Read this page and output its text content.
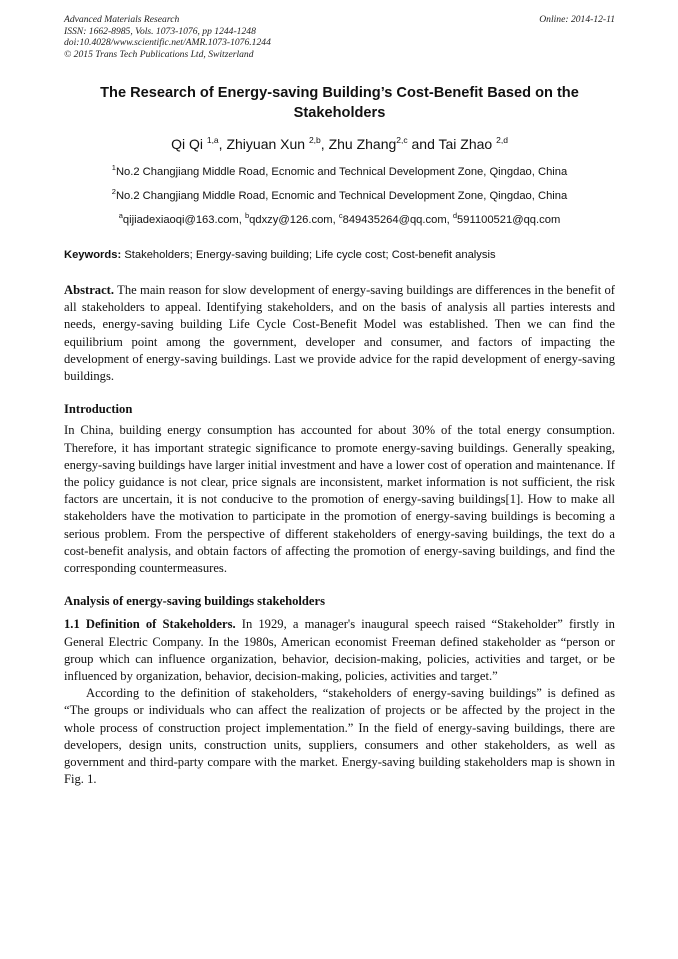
Advanced Materials Research
ISSN: 1662-8985, Vols. 1073-1076, pp 1244-1248
doi:10.4028/www.scientific.net/AMR.1073-1076.1244
© 2015 Trans Tech Publications Ltd, Switzerland
Online: 2014-12-11
The Research of Energy-saving Building’s Cost-Benefit Based on the Stakeholders
Qi Qi $^{1,a}$, Zhiyuan Xun $^{2,b}$, Zhu Zhang$^{2,c}$ and Tai Zhao $^{2,d}$
$^1$No.2 Changjiang Middle Road, Ecnomic and Technical Development Zone, Qingdao, China
$^2$No.2 Changjiang Middle Road, Ecnomic and Technical Development Zone, Qingdao, China
$^a$qijiadexiaoqi@163.com, $^b$qdxzy@126.com, $^c$849435264@qq.com, $^d$591100521@qq.com
Keywords: Stakeholders; Energy-saving building; Life cycle cost; Cost-benefit analysis

Abstract. The main reason for slow development of energy-saving buildings are differences in the benefit of all stakeholders to appeal. Identifying stakeholders, and on the basis of analysis all parties interests and needs, energy-saving building Life Cycle Cost-Benefit Model was established. Then we can find the equilibrium point among the government, developer and consumer, and factors of impacting the development of energy-saving buildings. Last we provide advice for the rapid development of energy-saving buildings.

Introduction

In China, building energy consumption has accounted for about 30% of the total energy consumption. Therefore, it has important strategic significance to promote energy-saving buildings. Generally speaking, energy-saving buildings have larger initial investment and have a lower cost of operation and maintenance. If the policy guidance is not clear, price signals are inconsistent, market information is not sufficient, the risk factors are uncertain, it is not conducive to the promotion of energy-saving buildings[1]. How to make all stakeholders have the motivation to participate in the promotion of energy-saving buildings is becoming a serious problem. From the perspective of different stakeholders of energy-saving buildings, the text do a cost-benefit analysis, and obtain factors of affecting the promotion of energy-saving buildings, and find the corresponding countermeasures.

Analysis of energy-saving buildings stakeholders

1.1 Definition of Stakeholders. In 1929, a manager's inaugural speech raised “Stakeholder” firstly in General Electric Company. In the 1980s, American economist Freeman defined stakeholder as “person or group which can influence organization, behavior, decision-making, policies, activities and target, or be influenced by organization, behavior, decision-making, policies, activities and target.”

According to the definition of stakeholders, “stakeholders of energy-saving buildings” is defined as “The groups or individuals who can affect the realization of projects or be affected by the project in the whole process of construction project implementation.” In the field of energy-saving buildings, there are developers, design units, construction units, suppliers, consumers and other stakeholders, as well as government and third-party compare with the market. Energy-saving building stakeholders map is shown in Fig. 1.
